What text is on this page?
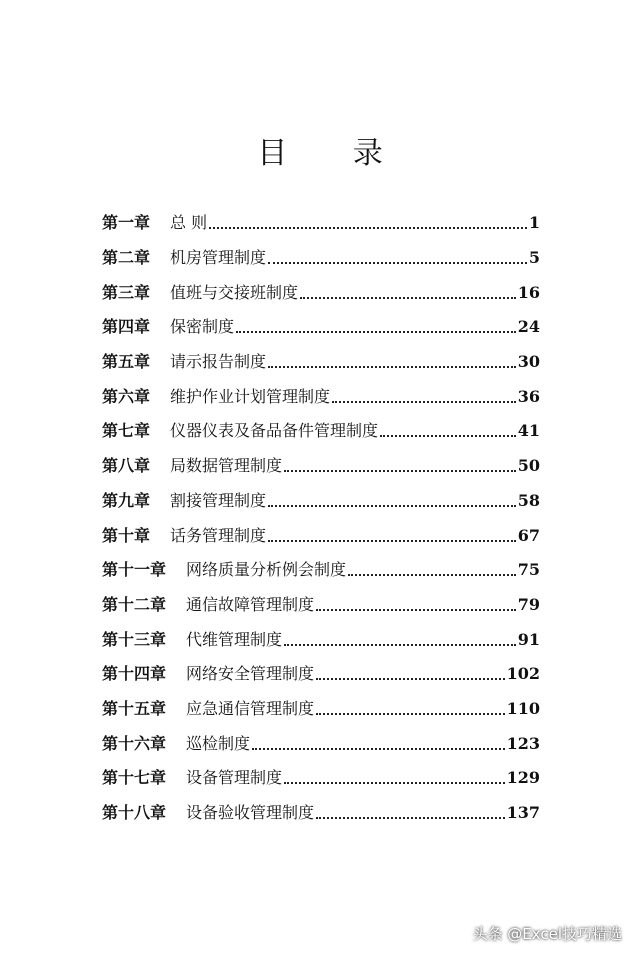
目 录
第一章	总 则	1
第二章	机房管理制度	5
第三章	值班与交接班制度	16
第四章	保密制度	24
第五章	请示报告制度	30
第六章	维护作业计划管理制度	36
第七章	仪器仪表及备品备件管理制度	41
第八章	局数据管理制度	50
第九章	割接管理制度	58
第十章	话务管理制度	67
第十一章	网络质量分析例会制度	75
第十二章	通信故障管理制度	79
第十三章	代维管理制度	91
第十四章	网络安全管理制度	102
第十五章	应急通信管理制度	110
第十六章	巡检制度	123
第十七章	设备管理制度	129
第十八章	设备验收管理制度	137
头条 @Excel技巧精选
